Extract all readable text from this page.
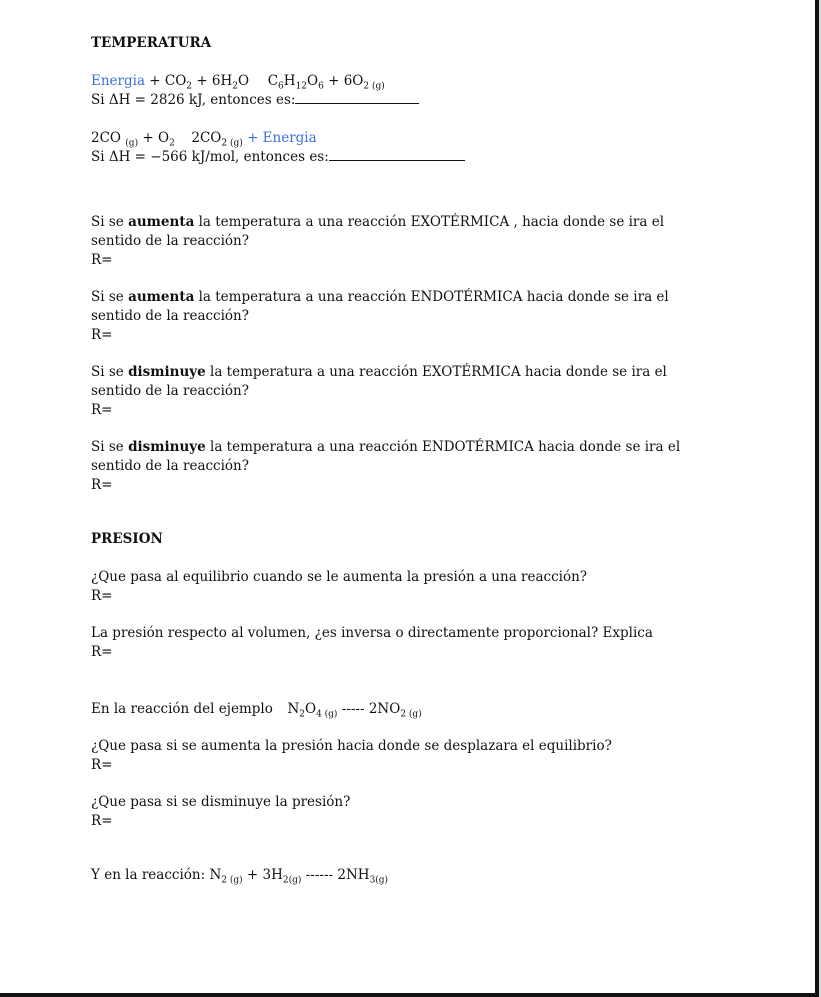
TEMPERATURA

Energia + $CO_2 + 6H_2O$ $C_6H_{12}O_6 + 6O_{2 (g)}$

Si ΔH = 2826 kJ, entonces es:

2CO $_{(g)} + O_2$ $2CO_{2 (g)}$ + Energia

Si ΔH = −566 kJ/mol, entonces es:

Si se aumenta la temperatura a una reacción EXOTÉRMICA , hacia donde se ira el

sentido de la reacción?

R=

Si se aumenta la temperatura a una reacción ENDOTÉRMICA hacia donde se ira el

sentido de la reacción?

R=

Si se disminuye la temperatura a una reacción EXOTÉRMICA hacia donde se ira el

sentido de la reacción?

R=

Si se disminuye la temperatura a una reacción ENDOTÉRMICA hacia donde se ira el

sentido de la reacción?

R=

PRESION

¿Que pasa al equilibrio cuando se le aumenta la presión a una reacción?

R=

La presión respecto al volumen, ¿es inversa o directamente proporcional? Explica

R=

En la reacción del ejemplo $N_2O_{4 (g)}$ ----- $2NO_{2 (g)}$

¿Que pasa si se aumenta la presión hacia donde se desplazara el equilibrio?

R=

¿Que pasa si se disminuye la presión?

R=

Y en la reacción: $N_{2 (g)} + 3H_{2(g)}$ ------ $2NH_{3(g)}$
